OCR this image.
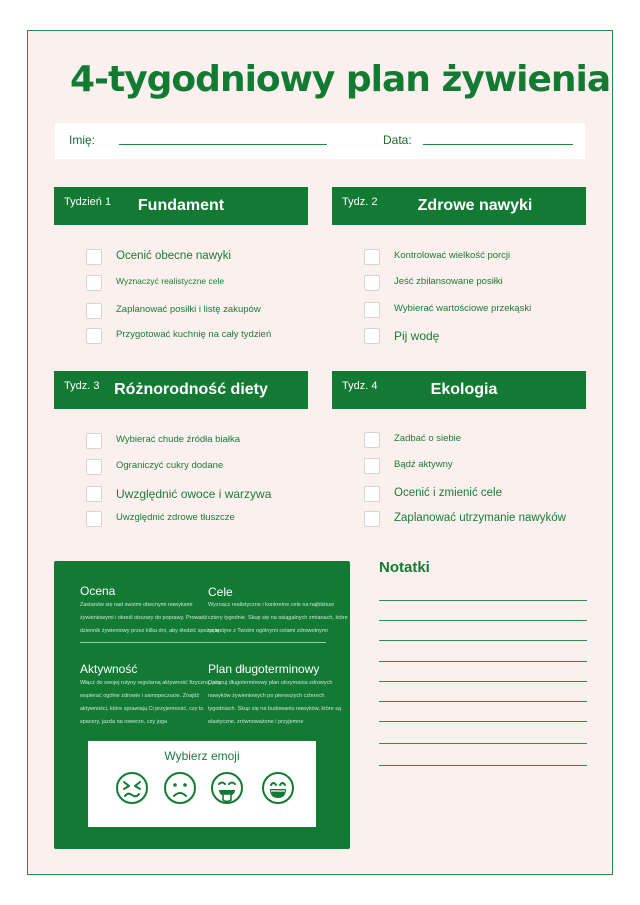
4-tygodniowy plan żywienia
Imię:	Data:
Tydzień 1	Fundament
Ocenić obecne nawyki
Wyznaczyć realistyczne cele
Zaplanować posiłki i listę zakupów
Przygotować kuchnię na cały tydzień
Tydz. 2	Zdrowe nawyki
Kontrolować wielkość porcji
Jeść zbilansowane posiłki
Wybierać wartościowe przekąski
Pij wodę
Tydz. 3 Różnorodność diety
Wybierać chude źródła białka
Ograniczyć cukry dodane
Uwzględnić owoce i warzywa
Uwzględnić zdrowe tłuszcze
Tydz. 4	Ekologia
Zadbać o siebie
Bądź aktywny
Ocenić i zmienić cele
Zaplanować utrzymanie nawyków
Ocena
Zastanów się nad swoimi obecnymi nawykami żywieniowymi i określ obszary do poprawy. Prowadź dziennik żywieniowy przez kilka dni, aby śledzić spożycie
Cele
Wyznacz realistyczne i konkretne cele na najbliższe cztery tygodnie. Skup się na osiągalnych zmianach, które są spójne z Twoimi ogólnymi celami zdrowotnymi
Aktywność
Włącz do swojej rutyny regularną aktywność fizyczną, aby wspierać ogólne zdrowie i samopoczucie. Znajdź aktywności, które sprawiają Ci przyjemność, czy to spacery, jazda na rowerze, czy joga
Plan długoterminowy
Opracuj długoterminowy plan utrzymania zdrowych nawyków żywieniowych po pierwszych czterech tygodniach. Skup się na budowaniu nawyków, które są elastyczne, zrównoważone i przyjemne
Wybierz emoji
Notatki
